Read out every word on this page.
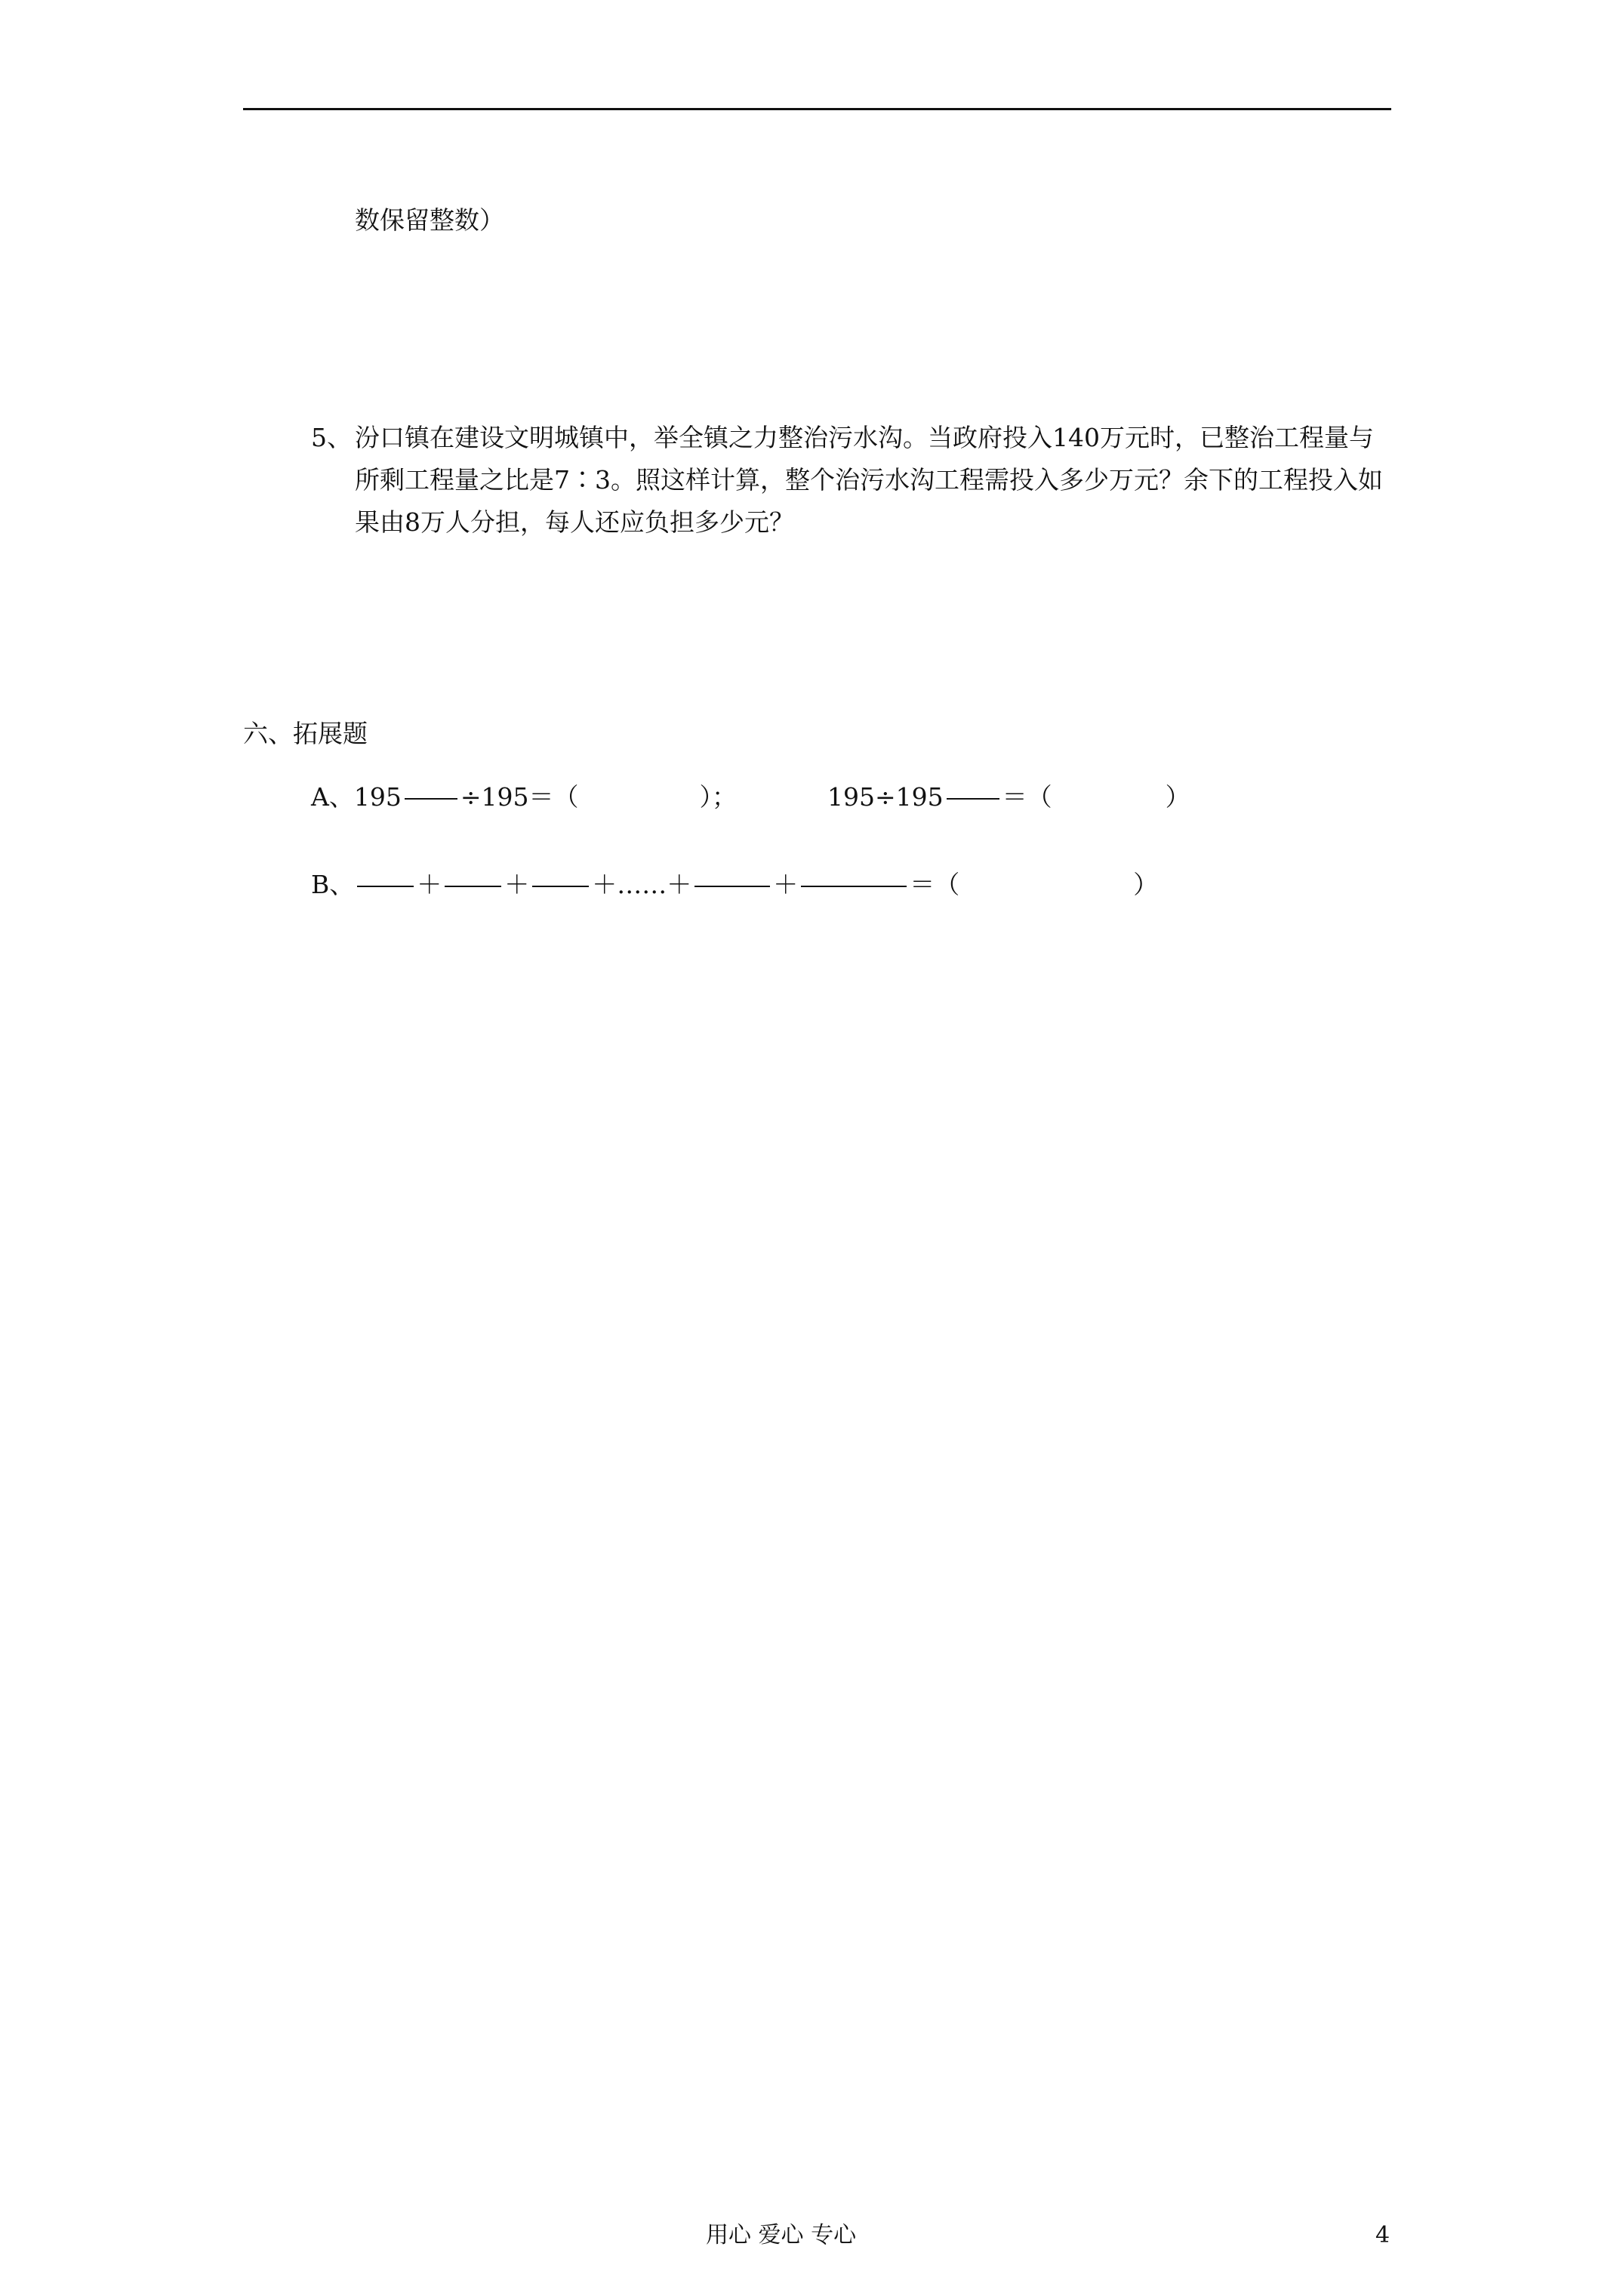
数保留整数）
5、 汾口镇在建设文明城镇中，举全镇之力整治污水沟。当政府投入140万元时，已整治工程量与所剩工程量之比是7∶3。照这样计算，整个治污水沟工程需投入多少万元？余下的工程投入如果由8万人分担，每人还应负担多少元？
六、拓展题
A、195 ÷195＝（	）；	195÷195 ＝（	）
B、	＋	＋	＋……＋	＋	＝（	）
用心 爱心 专心	4
